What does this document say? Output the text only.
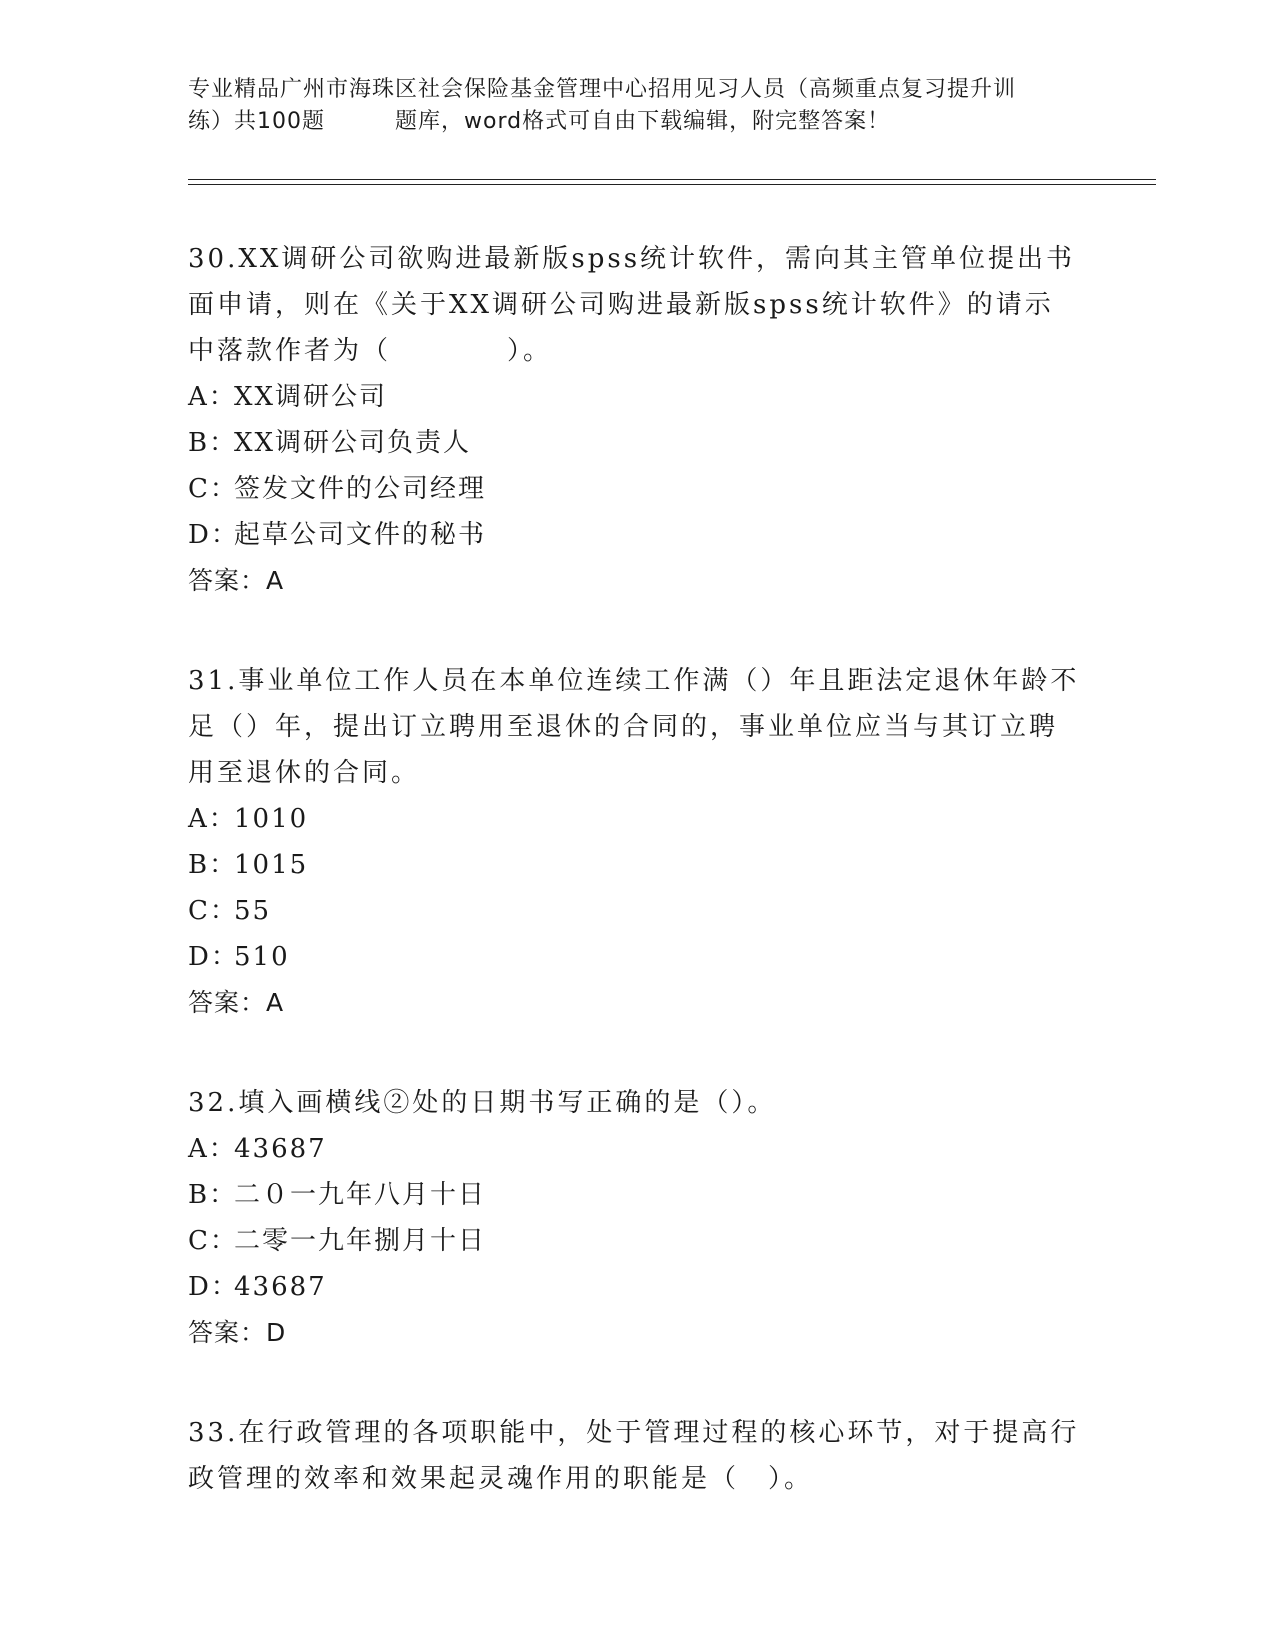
专业精品广州市海珠区社会保险基金管理中心招用见习人员（高频重点复习提升训
练）共100题	题库，word格式可自由下载编辑，附完整答案！

30.XX调研公司欲购进最新版spss统计软件，需向其主管单位提出书

面申请，则在《关于XX调研公司购进最新版spss统计软件》的请示

中落款作者为（　　　　）。

A：XX调研公司

B：XX调研公司负责人

C：签发文件的公司经理

D：起草公司文件的秘书

答案：A

31.事业单位工作人员在本单位连续工作满（）年且距法定退休年龄不

足（）年，提出订立聘用至退休的合同的，事业单位应当与其订立聘

用至退休的合同。

A：1010

B：1015

C：55

D：510

答案：A

32.填入画横线②处的日期书写正确的是（）。

A：43687

B：二０一九年八月十日

C：二零一九年捌月十日

D：43687

答案：D

33.在行政管理的各项职能中，处于管理过程的核心环节，对于提高行

政管理的效率和效果起灵魂作用的职能是（　）。
